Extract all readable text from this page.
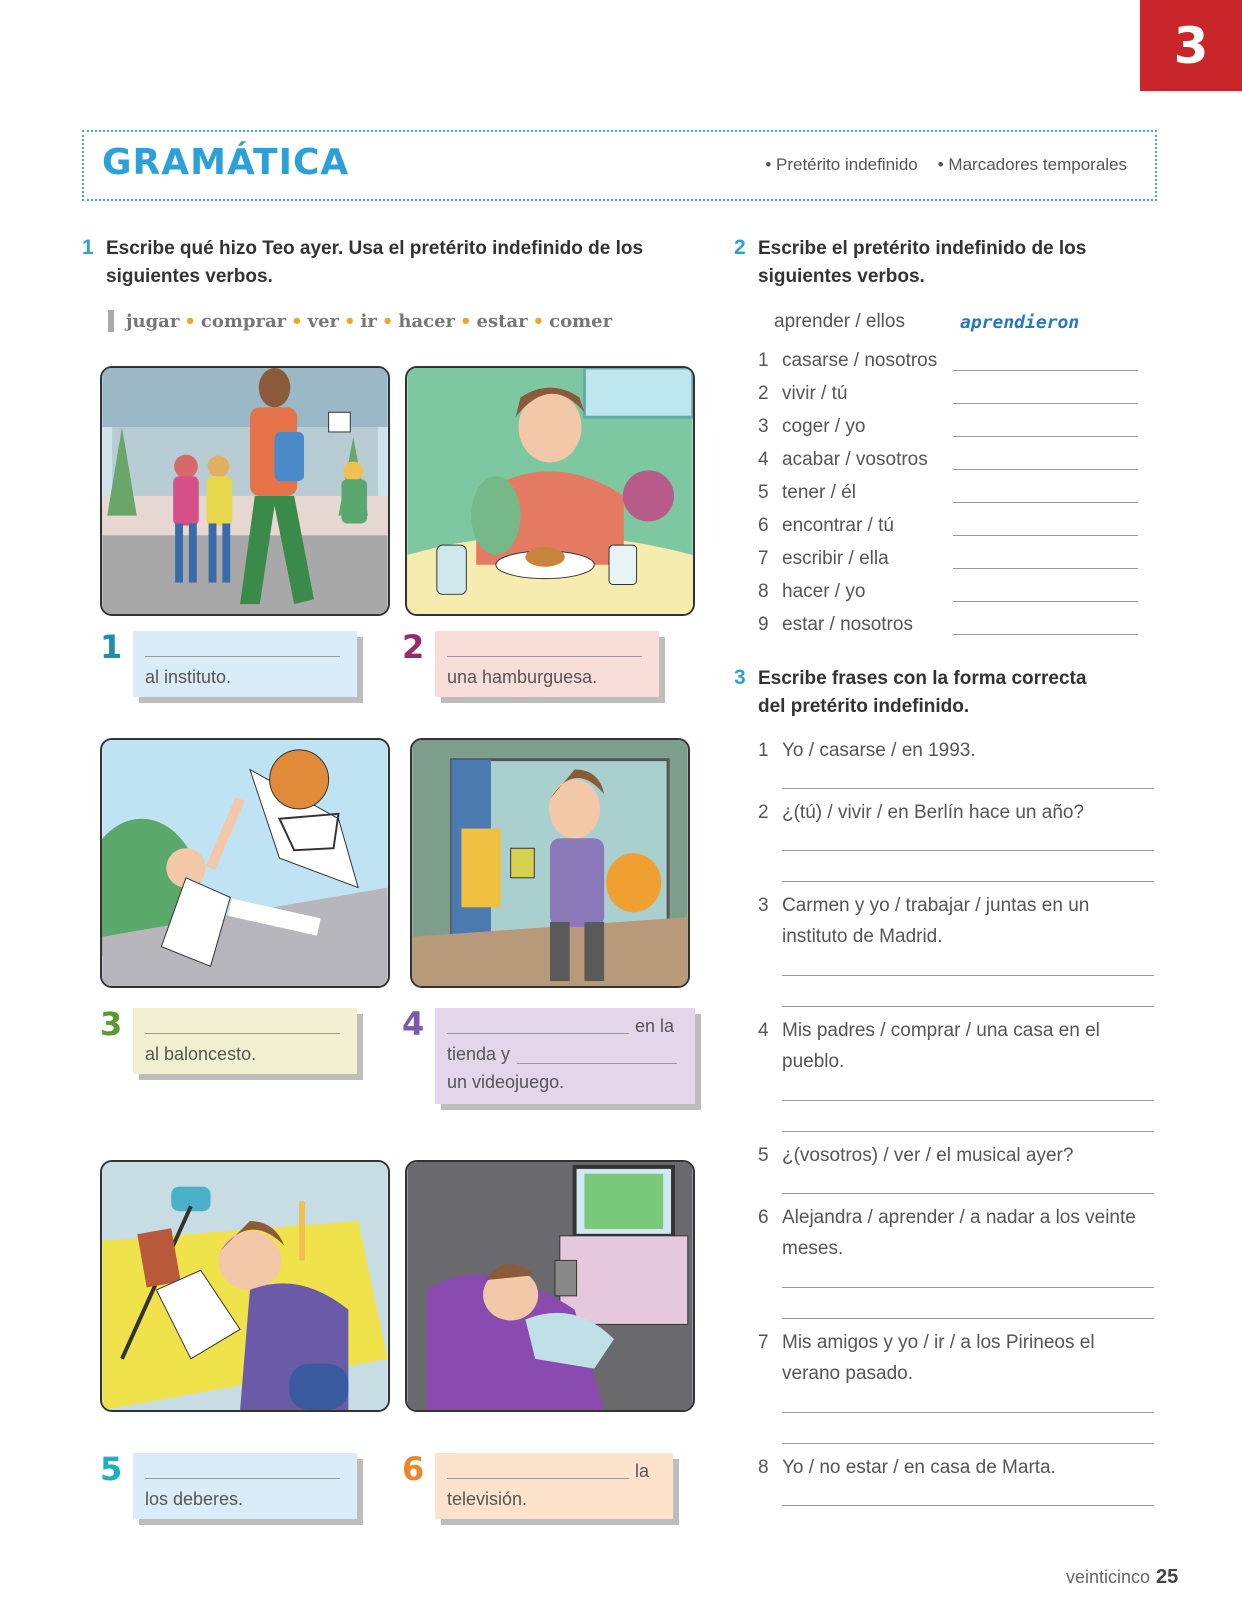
3
GRAMÁTICA	• Pretérito indefinido • Marcadores temporales
1 Escribe qué hizo Teo ayer. Usa el pretérito indefinido de los siguientes verbos.
jugar • comprar • ver • ir • hacer • estar • comer
1
al instituto.
2
una hamburguesa.
3
al baloncesto.
4	en la
tienda y
un videojuego.
5
los deberes.
6	la
televisión.
2 Escribe el pretérito indefinido de los siguientes verbos.
aprender / ellos	aprendieron
1 casarse / nosotros
2 vivir / tú
3 coger / yo
4 acabar / vosotros
5 tener / él
6 encontrar / tú
7 escribir / ella
8 hacer / yo
9 estar / nosotros
3 Escribe frases con la forma correcta del pretérito indefinido.
1 Yo / casarse / en 1993.
2 ¿(tú) / vivir / en Berlín hace un año?
3 Carmen y yo / trabajar / juntas en un instituto de Madrid.
4 Mis padres / comprar / una casa en el pueblo.
5 ¿(vosotros) / ver / el musical ayer?
6 Alejandra / aprender / a nadar a los veinte meses.
7 Mis amigos y yo / ir / a los Pirineos el verano pasado.
8 Yo / no estar / en casa de Marta.
veinticinco 25
